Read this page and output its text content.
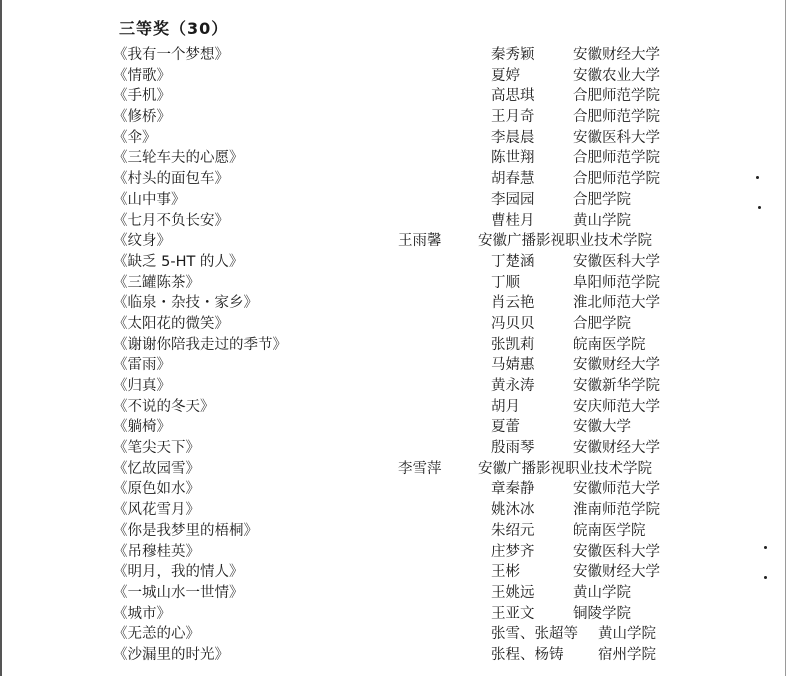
三等奖（30）
《我有一个梦想》	秦秀颖	安徽财经大学
《情歌》	夏婷	安徽农业大学
《手机》	高思琪	合肥师范学院
《修桥》	王月奇	合肥师范学院
《伞》	李晨晨	安徽医科大学
《三轮车夫的心愿》	陈世翔	合肥师范学院
《村头的面包车》	胡春慧	合肥师范学院
《山中事》	李园园	合肥学院
《七月不负长安》	曹桂月	黄山学院
《纹身》	王雨馨	安徽广播影视职业技术学院
《缺乏 5-HT 的人》	丁楚涵	安徽医科大学
《三罐陈茶》	丁顺	阜阳师范学院
《临泉・杂技・家乡》	肖云艳	淮北师范大学
《太阳花的微笑》	冯贝贝	合肥学院
《谢谢你陪我走过的季节》	张凯莉	皖南医学院
《雷雨》	马婧惠	安徽财经大学
《归真》	黄永涛	安徽新华学院
《不说的冬天》	胡月	安庆师范大学
《躺椅》	夏蕾	安徽大学
《笔尖天下》	殷雨琴	安徽财经大学
《忆故园雪》	李雪萍	安徽广播影视职业技术学院
《原色如水》	章秦静	安徽师范大学
《风花雪月》	姚沐冰	淮南师范学院
《你是我梦里的梧桐》	朱绍元	皖南医学院
《吊穆桂英》	庄梦齐	安徽医科大学
《明月，我的情人》	王彬	安徽财经大学
《一城山水一世情》	王姚远	黄山学院
《城市》	王亚文	铜陵学院
《无恙的心》	张雪、张超等 黄山学院
《沙漏里的时光》	张程、杨铸 宿州学院
